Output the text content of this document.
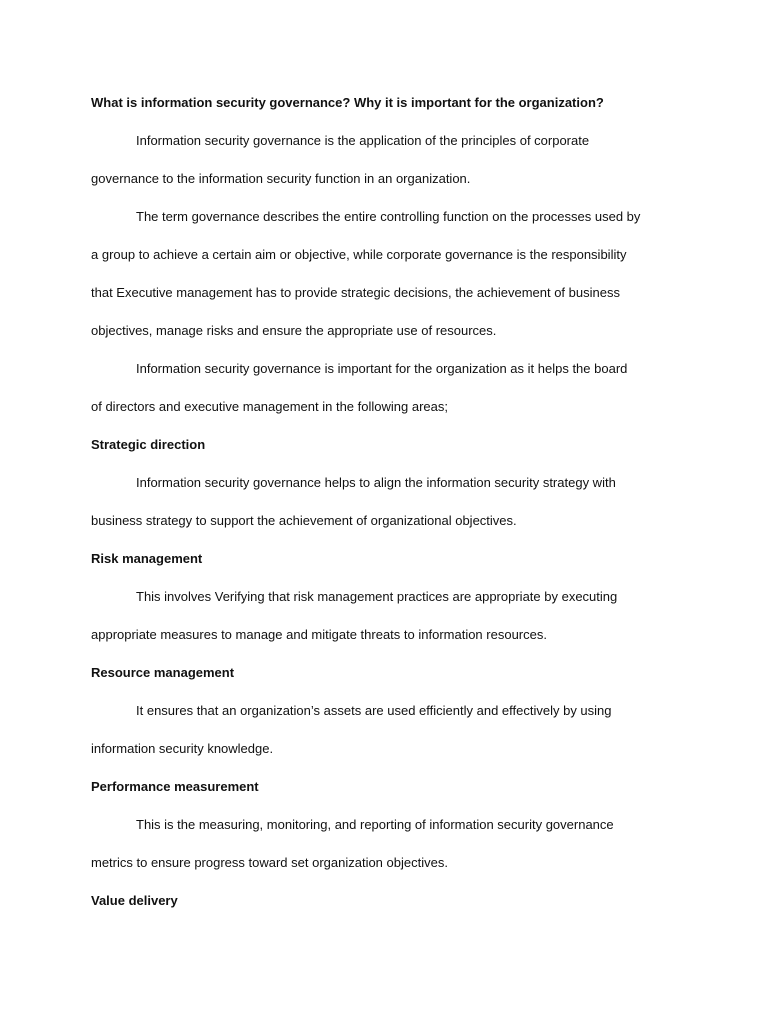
What is information security governance? Why it is important for the organization?
Information security governance is the application of the principles of corporate
governance to the information security function in an organization.
The term governance describes the entire controlling function on the processes used by
a group to achieve a certain aim or objective, while corporate governance is the responsibility
that Executive management has to provide strategic decisions, the achievement of business
objectives, manage risks and ensure the appropriate use of resources.
Information security governance is important for the organization as it helps the board
of directors and executive management in the following areas;
Strategic direction
Information security governance helps to align the information security strategy with
business strategy to support the achievement of organizational objectives.
Risk management
This involves Verifying that risk management practices are appropriate by executing
appropriate measures to manage and mitigate threats to information resources.
Resource management
It ensures that an organization’s assets are used efficiently and effectively by using
information security knowledge.
Performance measurement
This is the measuring, monitoring, and reporting of information security governance
metrics to ensure progress toward set organization objectives.
Value delivery
